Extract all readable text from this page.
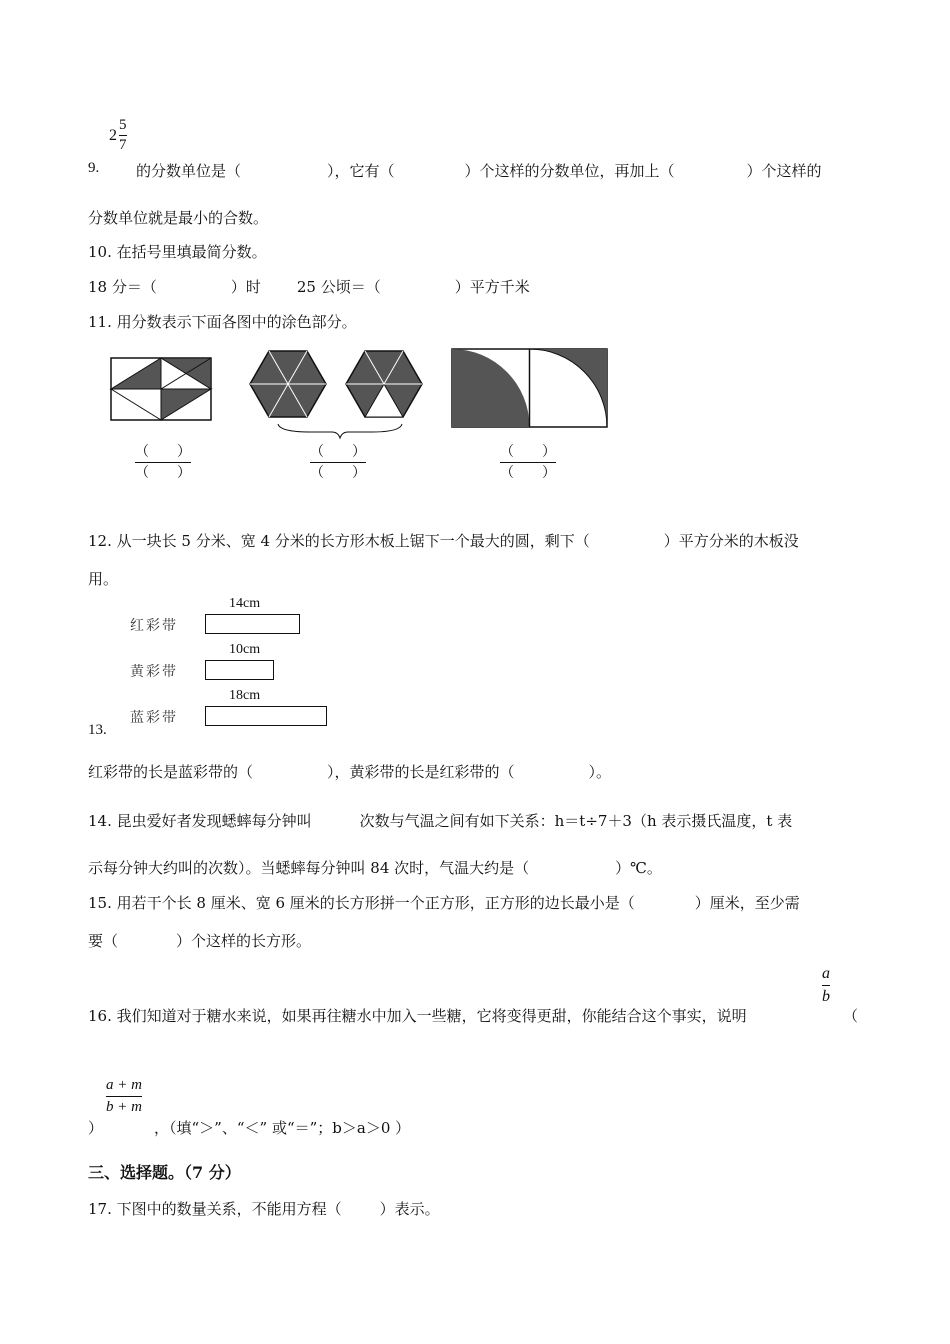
9.
$2 \frac{5}{7}$
的分数单位是（	），它有（	）个这样的分数单位，再加上（	）个这样的
分数单位就是最小的合数。
10. 在括号里填最简分数。
18 分＝（	）时 25 公顷＝（	）平方千米
11. 用分数表示下面各图中的涂色部分。
（　　）
（　　）
（　　）
（　　）
（　　）
（　　）
12. 从一块长 5 分米、宽 4 分米的长方形木板上锯下一个最大的圆，剩下（	）平方分米的木板没
用。
14cm
红彩带
10cm
黄彩带
18cm
蓝彩带
13.
红彩带的长是蓝彩带的（	），黄彩带的长是红彩带的（	）。
14. 昆虫爱好者发现蟋蟀每分钟叫	次数与气温之间有如下关系：h＝t÷7＋3（h 表示摄氏温度，t 表
示每分钟大约叫的次数）。当蟋蟀每分钟叫 84 次时，气温大约是（	）℃。
15. 用若干个长 8 厘米、宽 6 厘米的长方形拼一个正方形，正方形的边长最小是（	）厘米，至少需
要（	）个这样的长方形。
16. 我们知道对于糖水来说，如果再往糖水中加入一些糖，它将变得更甜，你能结合这个事实，说明
a
b
（
a + m
b + m
）	，（填“＞”、“＜” 或“＝”；b＞a＞0 ）
三、选择题。（7 分）
17. 下图中的数量关系，不能用方程（	）表示。
